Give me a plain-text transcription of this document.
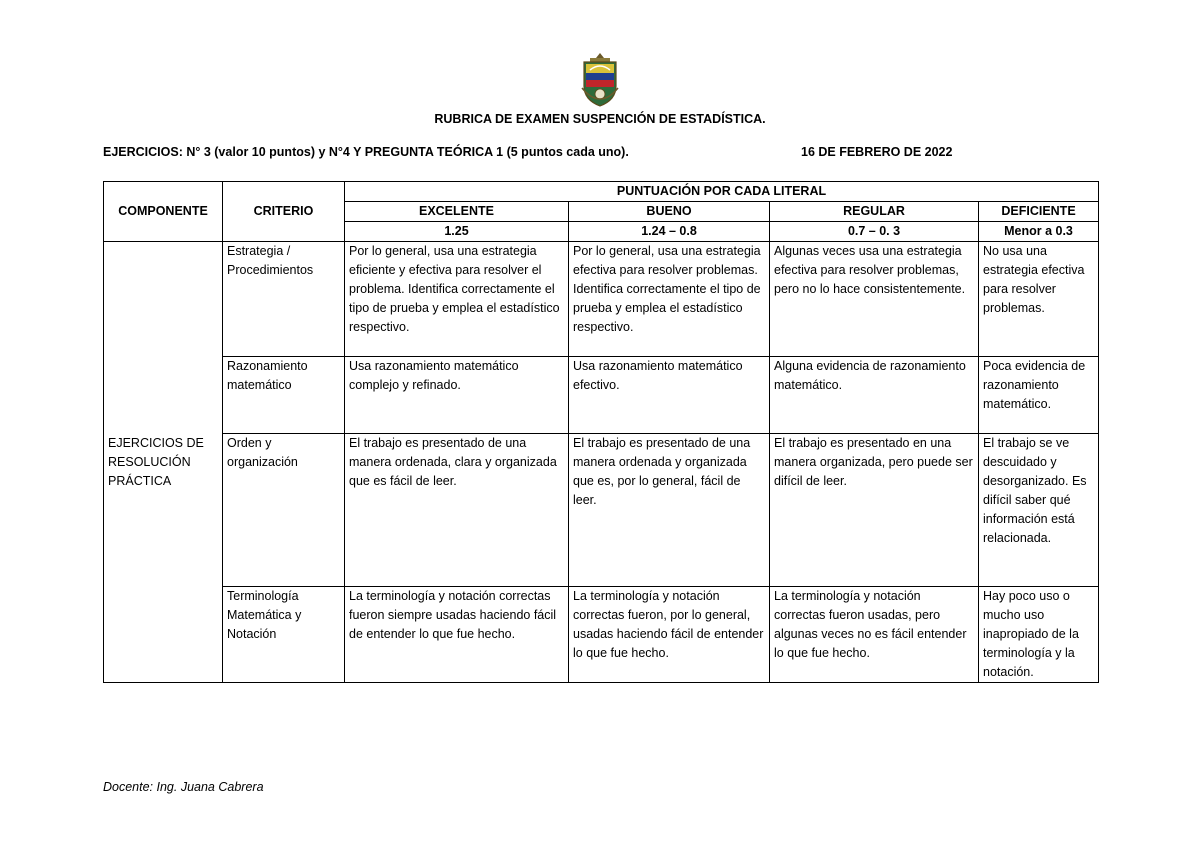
RUBRICA DE EXAMEN SUSPENCIÓN DE ESTADÍSTICA.
EJERCICIOS: N° 3 (valor 10 puntos) y N°4 Y PREGUNTA TEÓRICA 1 (5 puntos cada uno).	16 DE FEBRERO DE 2022
COMPONENTE	CRITERIO	PUNTUACIÓN POR CADA LITERAL			
		EXCELENTE	BUENO	REGULAR	DEFICIENTE
		1.25	1.24 – 0.8	0.7 – 0. 3	Menor a 0.3
EJERCICIOS DE RESOLUCIÓN PRÁCTICA	Estrategia / Procedimientos	Por lo general, usa una estrategia eficiente y efectiva para resolver el problema. Identifica correctamente el tipo de prueba y emplea el estadístico respectivo.	Por lo general, usa una estrategia efectiva para resolver problemas. Identifica correctamente el tipo de prueba y emplea el estadístico respectivo.	Algunas veces usa una estrategia efectiva para resolver problemas, pero no lo hace consistentemente.	No usa una estrategia efectiva para resolver problemas.
	Razonamiento matemático	Usa razonamiento matemático complejo y refinado.	Usa razonamiento matemático efectivo.	Alguna evidencia de razonamiento matemático.	Poca evidencia de razonamiento matemático.
	Orden y organización	El trabajo es presentado de una manera ordenada, clara y organizada que es fácil de leer.	El trabajo es presentado de una manera ordenada y organizada que es, por lo general, fácil de leer.	El trabajo es presentado en una manera organizada, pero puede ser difícil de leer.	El trabajo se ve descuidado y desorganizado. Es difícil saber qué información está relacionada.
	Terminología Matemática y Notación	La terminología y notación correctas fueron siempre usadas haciendo fácil de entender lo que fue hecho.	La terminología y notación correctas fueron, por lo general, usadas haciendo fácil de entender lo que fue hecho.	La terminología y notación correctas fueron usadas, pero algunas veces no es fácil entender lo que fue hecho.	Hay poco uso o mucho uso inapropiado de la terminología y la notación.
Docente: Ing. Juana Cabrera
